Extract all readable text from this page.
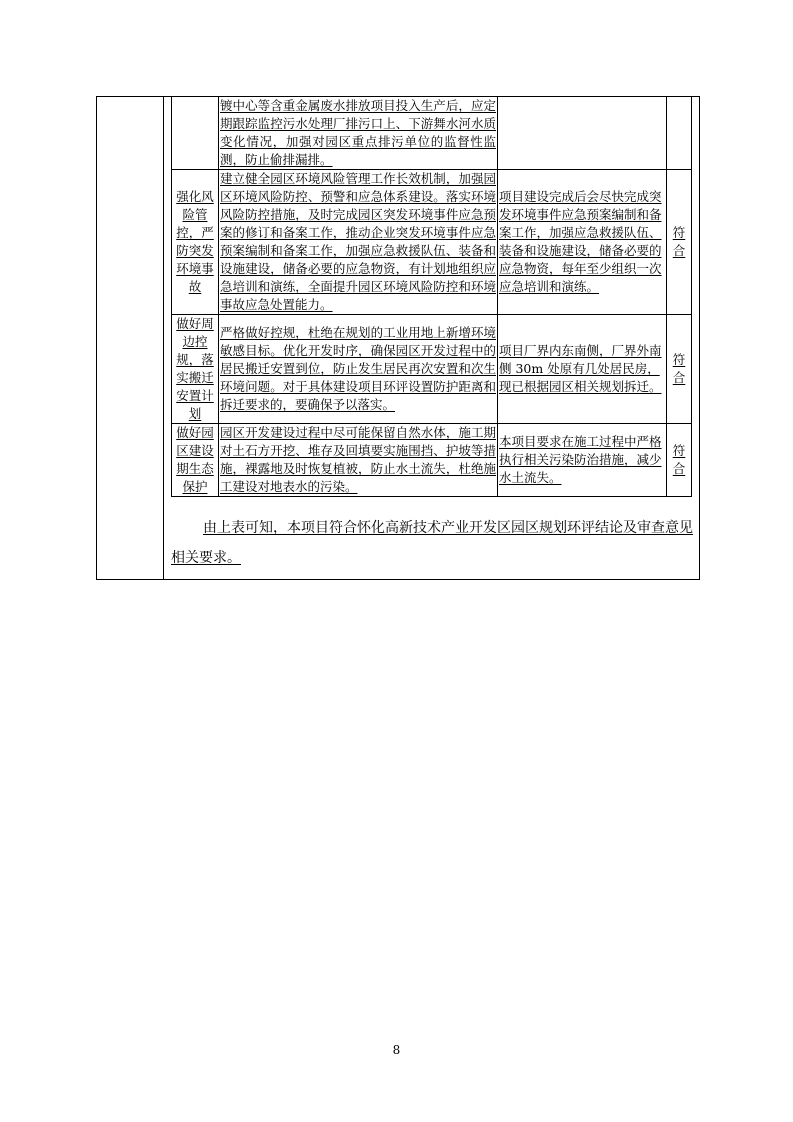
	镀中心等含重金属废水排放项目投入生产后，应定期跟踪监控污水处理厂排污口上、下游舞水河水质变化情况，加强对园区重点排污单位的监督性监测，防止偷排漏排。		
强化风险管控，严防突发环境事故	建立健全园区环境风险管理工作长效机制，加强园区环境风险防控、预警和应急体系建设。落实环境风险防控措施，及时完成园区突发环境事件应急预案的修订和备案工作，推动企业突发环境事件应急预案编制和备案工作，加强应急救援队伍、装备和设施建设，储备必要的应急物资，有计划地组织应急培训和演练，全面提升园区环境风险防控和环境事故应急处置能力。	项目建设完成后会尽快完成突发环境事件应急预案编制和备案工作，加强应急救援队伍、装备和设施建设，储备必要的应急物资，每年至少组织一次应急培训和演练。	符合
做好周边控规，落实搬迁安置计划	严格做好控规，杜绝在规划的工业用地上新增环境敏感目标。优化开发时序，确保园区开发过程中的居民搬迁安置到位，防止发生居民再次安置和次生环境问题。对于具体建设项目环评设置防护距离和拆迁要求的，要确保予以落实。	项目厂界内东南侧，厂界外南侧 30m 处原有几处居民房，现已根据园区相关规划拆迁。	符合
做好园区建设期生态保护	园区开发建设过程中尽可能保留自然水体，施工期对土石方开挖、堆存及回填要实施围挡、护坡等措施，裸露地及时恢复植被，防止水土流失，杜绝施工建设对地表水的污染。	本项目要求在施工过程中严格执行相关污染防治措施，减少水土流失。	符合

由上表可知，本项目符合怀化高新技术产业开发区园区规划环评结论及审查意见相关要求。

8
